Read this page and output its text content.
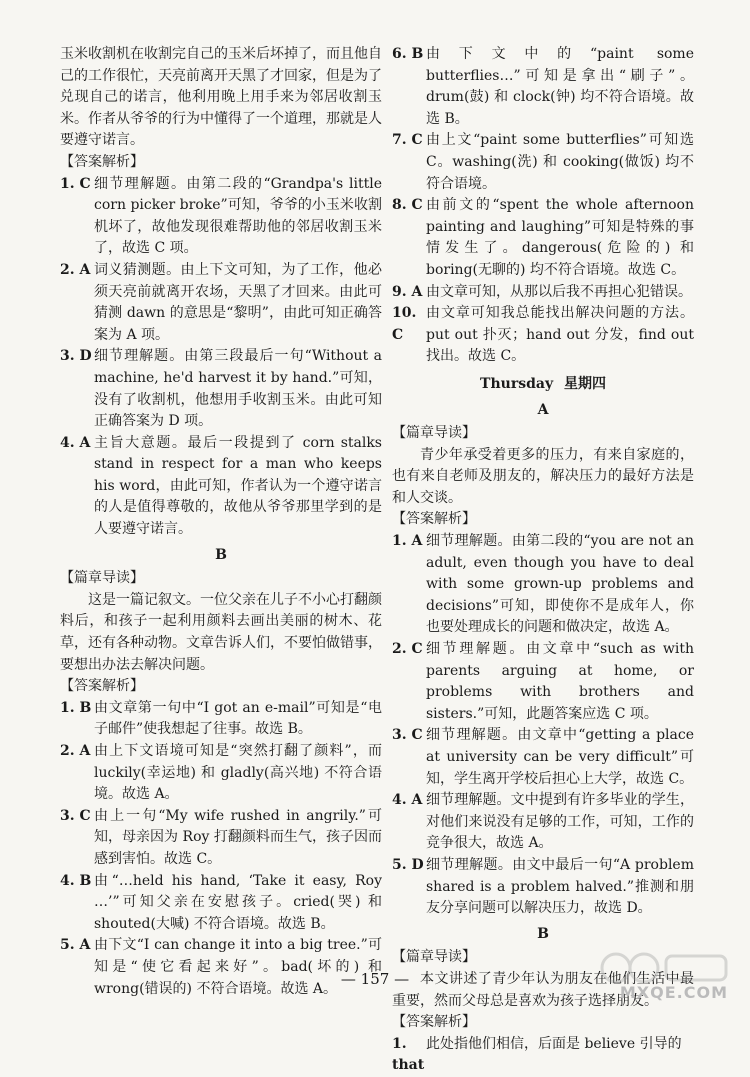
玉米收割机在收割完自己的玉米后坏掉了，而且他自己的工作很忙，天亮前离开天黑了才回家，但是为了兑现自己的诺言，他利用晚上用手来为邻居收割玉米。作者从爷爷的行为中懂得了一个道理，那就是人要遵守诺言。

【答案解析】

1. C 细节理解题。由第二段的“Grandpa's little corn picker broke”可知，爷爷的小玉米收割机坏了，故他发现很难帮助他的邻居收割玉米了，故选 C 项。
2. A 词义猜测题。由上下文可知，为了工作，他必须天亮前就离开农场，天黑了才回来。由此可猜测 dawn 的意思是“黎明”，由此可知正确答案为 A 项。
3. D 细节理解题。由第三段最后一句“Without a machine, he'd harvest it by hand.”可知，没有了收割机，他想用手收割玉米。由此可知正确答案为 D 项。
4. A 主旨大意题。最后一段提到了 corn stalks stand in respect for a man who keeps his word，由此可知，作者认为一个遵守诺言的人是值得尊敬的，故他从爷爷那里学到的是人要遵守诺言。

B

【篇章导读】

这是一篇记叙文。一位父亲在儿子不小心打翻颜料后，和孩子一起利用颜料去画出美丽的树木、花草，还有各种动物。文章告诉人们，不要怕做错事，要想出办法去解决问题。

【答案解析】

1. B 由文章第一句中“I got an e-mail”可知是“电子邮件”使我想起了往事。故选 B。
2. A 由上下文语境可知是“突然打翻了颜料”，而 luckily(幸运地) 和 gladly(高兴地) 不符合语境。故选 A。
3. C 由上一句“My wife rushed in angrily.”可知，母亲因为 Roy 打翻颜料而生气，孩子因而感到害怕。故选 C。
4. B 由“…held his hand, ‘Take it easy, Roy …’”可知父亲在安慰孩子。cried(哭) 和 shouted(大喊) 不符合语境。故选 B。
5. A 由下文“I can change it into a big tree.”可知是“使它看起来好”。bad(坏的) 和 wrong(错误的) 不符合语境。故选 A。
6. B 由下文中的“paint some butterflies…”可知是拿出“刷子”。drum(鼓) 和 clock(钟) 均不符合语境。故选 B。
7. C 由上文“paint some butterflies”可知选 C。washing(洗) 和 cooking(做饭) 均不符合语境。
8. C 由前文的“spent the whole afternoon painting and laughing”可知是特殊的事情发生了。dangerous(危险的) 和 boring(无聊的) 均不符合语境。故选 C。
9. A 由文章可知，从那以后我不再担心犯错误。
10. C
由文章可知我总能找出解决问题的方法。put out 扑灭；hand out 分发，find out 找出。故选 C。

Thursday 星期四

A

【篇章导读】

青少年承受着更多的压力，有来自家庭的，也有来自老师及朋友的，解决压力的最好方法是和人交谈。

【答案解析】

1. A 细节理解题。由第二段的“you are not an adult, even though you have to deal with some grown-up problems and decisions”可知，即使你不是成年人，你也要处理成长的问题和做决定，故选 A。
2. C 细节理解题。由文章中“such as with parents arguing at home, or problems with brothers and sisters.”可知，此题答案应选 C 项。
3. C 细节理解题。由文章中“getting a place at university can be very difficult”可知，学生离开学校后担心上大学，故选 C。
4. A 细节理解题。文中提到有许多毕业的学生，对他们来说没有足够的工作，可知，工作的竞争很大，故选 A。
5. D 细节理解题。由文中最后一句“A problem shared is a problem halved.”推测和朋友分享问题可以解决压力，故选 D。

B

【篇章导读】

本文讲述了青少年认为朋友在他们生活中最重要，然而父母总是喜欢为孩子选择朋友。

【答案解析】

1. that
此处指他们相信，后面是 believe 引导的
— 157 —
MXQE.COM
